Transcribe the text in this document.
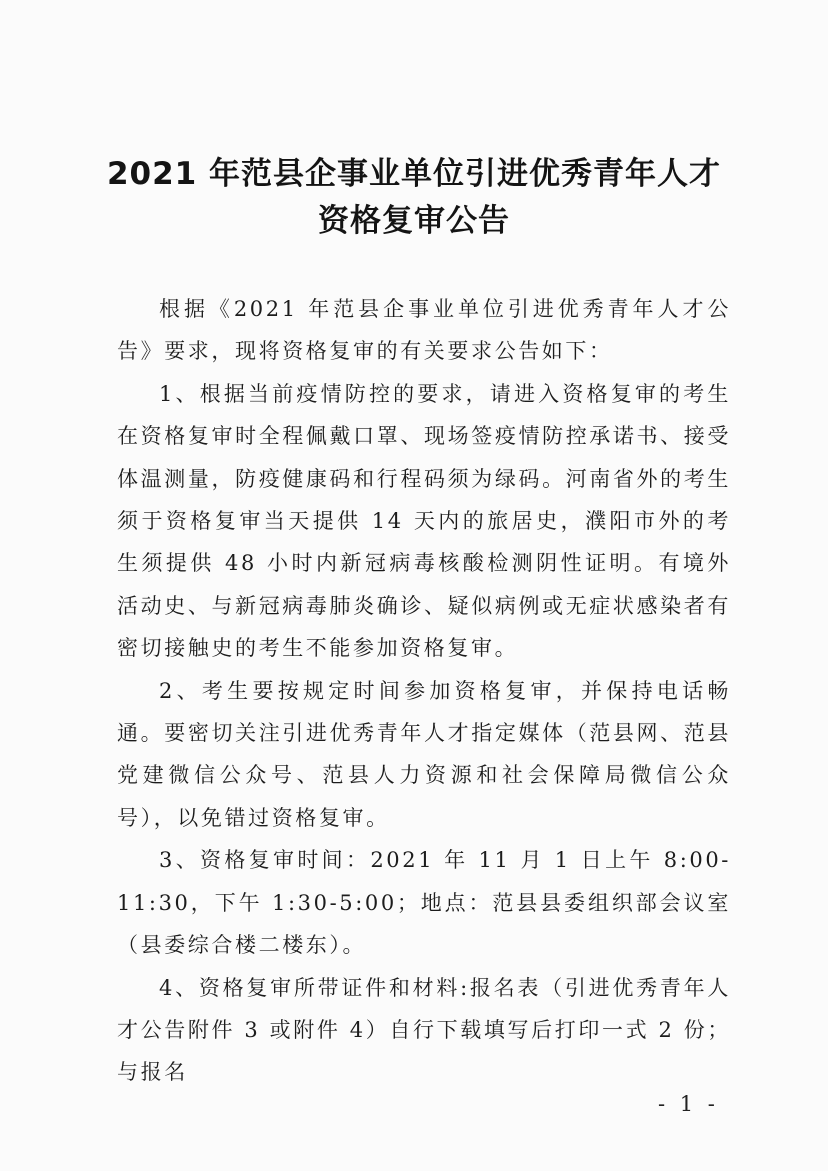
2021 年范县企事业单位引进优秀青年人才
资格复审公告

根据《2021 年范县企事业单位引进优秀青年人才公告》要求，现将资格复审的有关要求公告如下：

1、根据当前疫情防控的要求，请进入资格复审的考生在资格复审时全程佩戴口罩、现场签疫情防控承诺书、接受体温测量，防疫健康码和行程码须为绿码。河南省外的考生须于资格复审当天提供 14 天内的旅居史，濮阳市外的考生须提供 48 小时内新冠病毒核酸检测阴性证明。有境外活动史、与新冠病毒肺炎确诊、疑似病例或无症状感染者有密切接触史的考生不能参加资格复审。

2、考生要按规定时间参加资格复审，并保持电话畅通。要密切关注引进优秀青年人才指定媒体（范县网、范县党建微信公众号、范县人力资源和社会保障局微信公众号），以免错过资格复审。

3、资格复审时间：2021 年 11 月 1 日上午 8:00-11:30，下午 1:30-5:00；地点：范县县委组织部会议室（县委综合楼二楼东）。

4、资格复审所带证件和材料:报名表（引进优秀青年人才公告附件 3 或附件 4）自行下载填写后打印一式 2 份；与报名

- 1 -
